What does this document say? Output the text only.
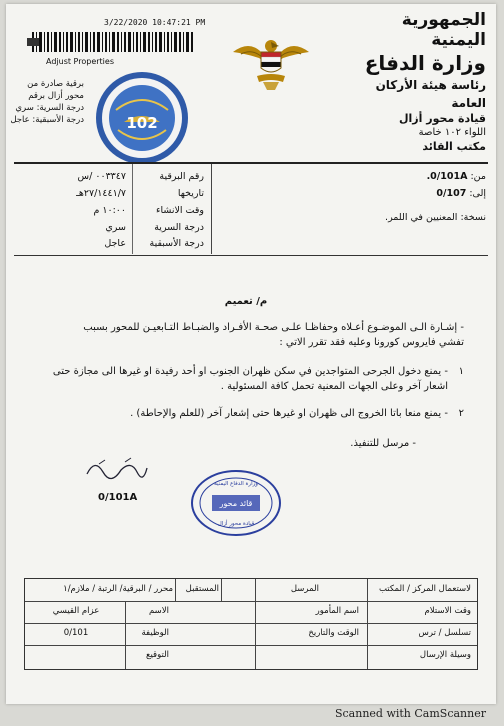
الجمهورية اليمنية
وزارة الدفاع
رئاسة هيئة الأركان العامة
قيادة محور أزال
اللواء ١٠٢ خاصة
مكتب القائد
3/22/2020 10:47:21 PM
Adjust Properties
برقية صادرة من
محور أزال برقم
درجة السرية: سري
درجة الأسبقية: عاجل	102
من: 0/101A.
إلى: 0/107
نسخة: المعنيين في اللمر.
رقم البرقية
٠٠٣٣٤٧ /س
تاريخها
٢٧/١٤٤١/٧هـ
وقت الانشاء
١٠:٠٠ م
درجة السرية
سري
درجة الأسبقية
عاجل
م/ تعميم
- إشـارة الـى الموضـوع أعـلاه وحفاظـا علـى صحـة الأفـراد والضبـاط التـابعيـن للمحور بسبب تفشي فايروس كورونا وعليه فقد تقرر الاتي :
- يمنع دخول الجرحى المتواجدين في سكن ظهران الجنوب او أحد رفيدة او غيرها الى مجازة حتى اشعار آخر وعلى الجهات المعنية تحمل كافة المسئولية .
١
- يمنع منعا باتا الخروج الى ظهران او غيرها حتى إشعار آخر (للعلم والإحاطة) .	٢
- مرسل للتنفيذ.
0/101A
قائد محور
وزارة الدفاع اليمنية
قيادة محور أزال
لاستعمال المركز / المكتب
المرسل
المستقبل
محرر / البرقية/ الرتبة / ملازم/١
وقت الاستلام
اسم المأمور
الاسم
عزام القيسي
تسلسل / ترس
الوقت والتاريخ
الوظيفة
0/101
وسيلة الإرسال
التوقيع
Scanned with CamScanner
